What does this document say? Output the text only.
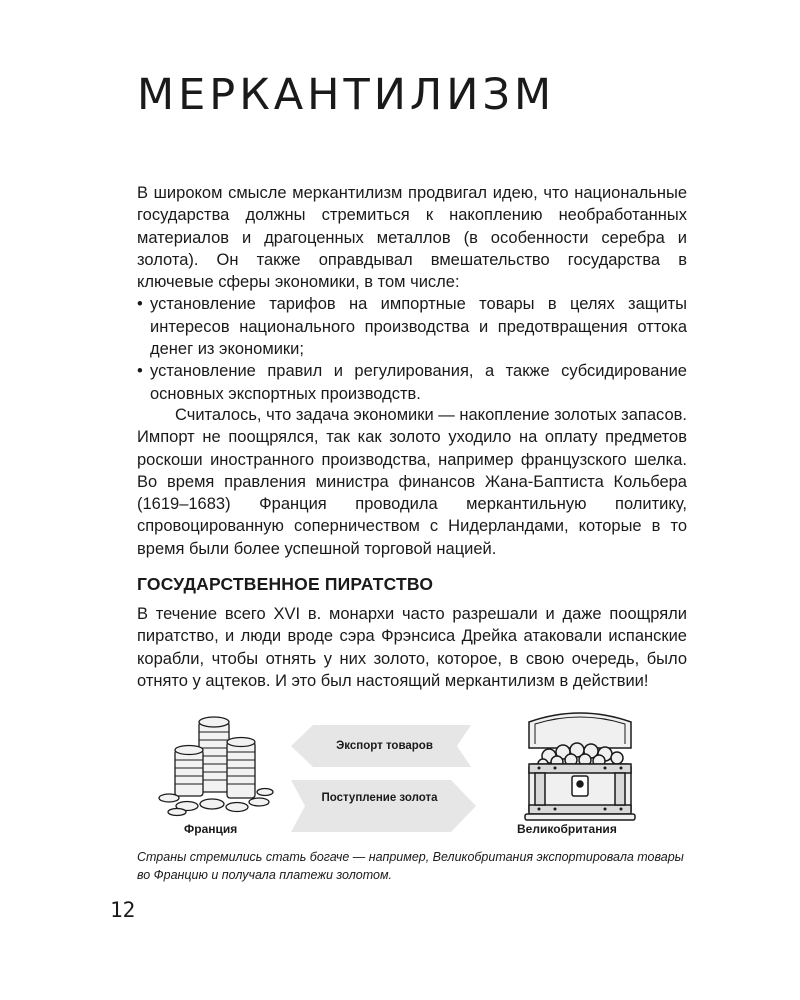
МЕРКАНТИЛИЗМ

В широком смысле меркантилизм продвигал идею, что национальные государства должны стремиться к накоплению необработанных материалов и драгоценных металлов (в особенности серебра и золота). Он также оправдывал вмешательство государства в ключевые сферы экономики, в том числе:

• установление тарифов на импортные товары в целях защиты интересов национального производства и предотвращения оттока денег из экономики;
• установление правил и регулирования, а также субсидирование основных экспортных производств.

Считалось, что задача экономики — накопление золотых запасов. Импорт не поощрялся, так как золото уходило на оплату предметов роскоши иностранного производства, например французского шелка. Во время правления министра финансов Жана-Баптиста Кольбера (1619–1683) Франция проводила меркантильную политику, спровоцированную соперничеством с Нидерландами, которые в то время были более успешной торговой нацией.

ГОСУДАРСТВЕННОЕ ПИРАТСТВО

В течение всего XVI в. монархи часто разрешали и даже поощряли пиратство, и люди вроде сэра Фрэнсиса Дрейка атаковали испанские корабли, чтобы отнять у них золото, которое, в свою очередь, было отнято у ацтеков. И это был настоящий меркантилизм в действии!

Экспорт товаров
Поступление золота
Франция	Великобритания

Страны стремились стать богаче — например, Великобритания экспортировала товары во Францию и получала платежи золотом.

12
